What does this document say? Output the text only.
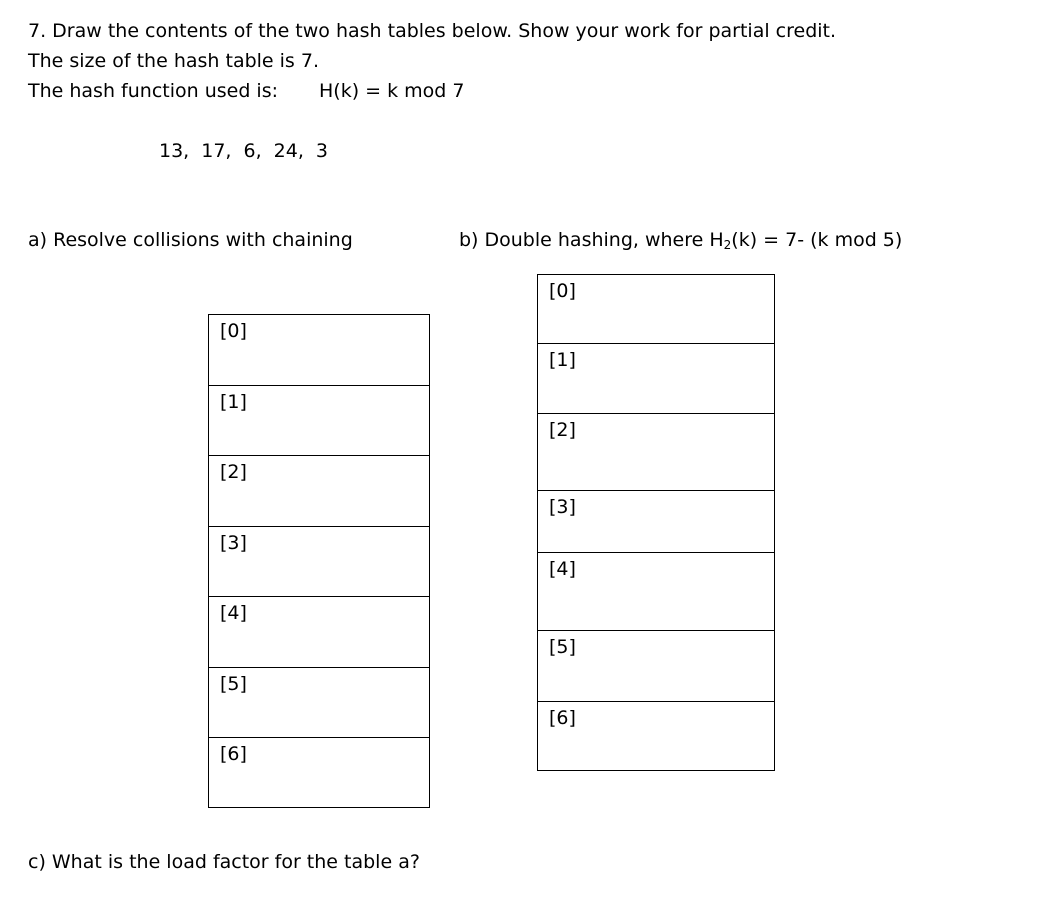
7. Draw the contents of the two hash tables below. Show your work for partial credit.
The size of the hash table is 7.
The hash function used is: H(k) = k mod 7
13, 17, 6, 24, 3
a) Resolve collisions with chaining	b) Double hashing, where $H_2(k) = 7-$ (k mod 5)
[0]
[1]
[2]
[3]
[4]
[5]
[6]
[0]
[1]
[2]
[3]
[4]
[5]
[6]
c) What is the load factor for the table a?
